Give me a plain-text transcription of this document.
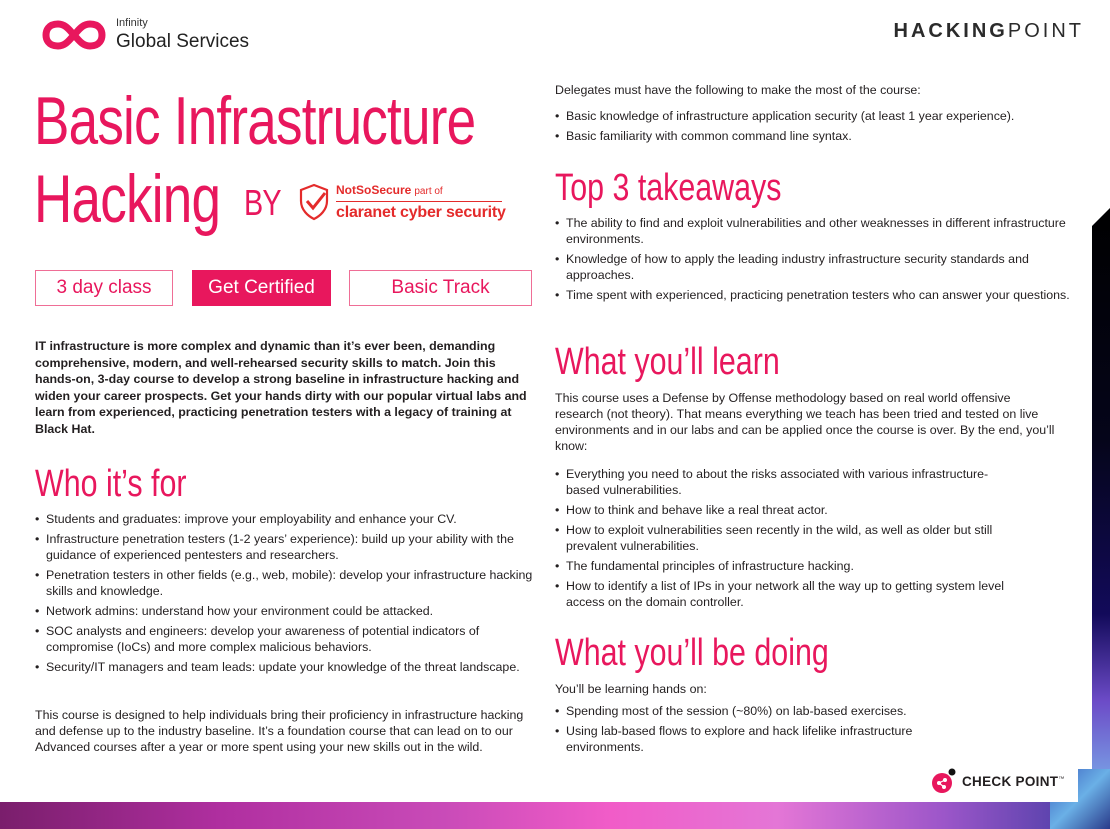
Infinity
Global Services	HACKINGPOINT
Basic Infrastructure
Hacking BY	NotSoSecure part of
claranet cyber security
3 day class	Get Certified	Basic Track

IT infrastructure is more complex and dynamic than it’s ever been, demanding comprehensive, modern, and well-rehearsed security skills to match. Join this hands-on, 3-day course to develop a strong baseline in infrastructure hacking and widen your career prospects. Get your hands dirty with our popular virtual labs and learn from experienced, practicing penetration testers with a legacy of training at Black Hat.

Who it’s for
• Students and graduates: improve your employability and enhance your CV.
• Infrastructure penetration testers (1-2 years’ experience): build up your ability with the guidance of experienced pentesters and researchers.
• Penetration testers in other fields (e.g., web, mobile): develop your infrastructure hacking skills and knowledge.
• Network admins: understand how your environment could be attacked.
• SOC analysts and engineers: develop your awareness of potential indicators of compromise (IoCs) and more complex malicious behaviors.
• Security/IT managers and team leads: update your knowledge of the threat landscape.

This course is designed to help individuals bring their proficiency in infrastructure hacking and defense up to the industry baseline. It’s a foundation course that can lead on to our Advanced courses after a year or more spent using your new skills out in the wild.

Delegates must have the following to make the most of the course:

• Basic knowledge of infrastructure application security (at least 1 year experience).
• Basic familiarity with common command line syntax.
Top 3 takeaways
• The ability to find and exploit vulnerabilities and other weaknesses in different infrastructure environments.
• Knowledge of how to apply the leading industry infrastructure security standards and approaches.
• Time spent with experienced, practicing penetration testers who can answer your questions.
What you’ll learn

This course uses a Defense by Offense methodology based on real world offensive research (not theory). That means everything we teach has been tried and tested on live environments and in our labs and can be applied once the course is over. By the end, you’ll know:

• Everything you need to about the risks associated with various infrastructure-based vulnerabilities.
• How to think and behave like a real threat actor.
• How to exploit vulnerabilities seen recently in the wild, as well as older but still prevalent vulnerabilities.
• The fundamental principles of infrastructure hacking.
• How to identify a list of IPs in your network all the way up to getting system level access on the domain controller.
What you’ll be doing

You’ll be learning hands on:

• Spending most of the session (~80%) on lab-based exercises.
• Using lab-based flows to explore and hack lifelike infrastructure environments.
CHECK POINT™
